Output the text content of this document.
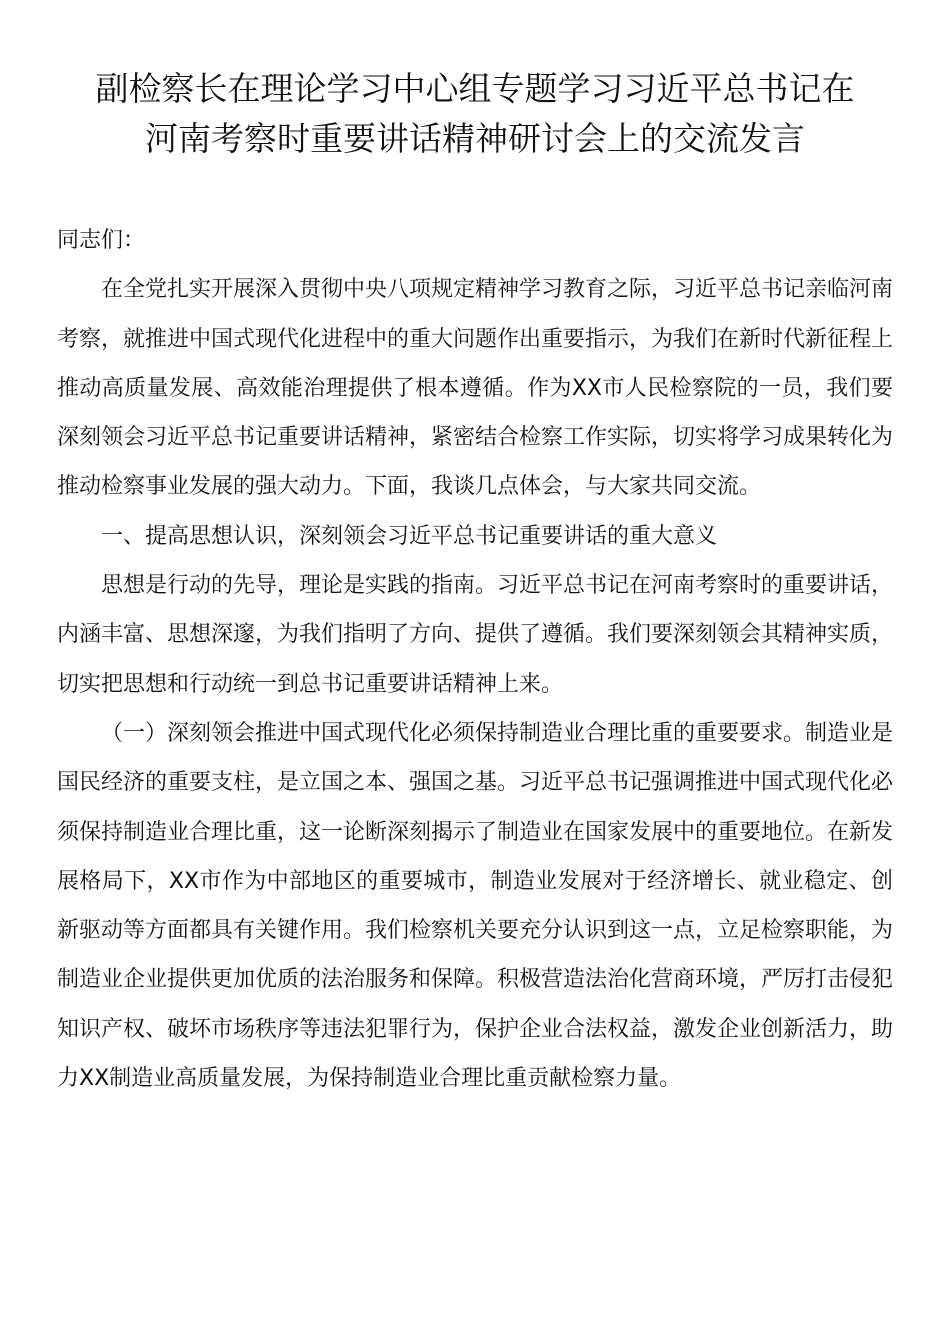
副检察长在理论学习中心组专题学习习近平总书记在
河南考察时重要讲话精神研讨会上的交流发言

同志们：

在全党扎实开展深入贯彻中央八项规定精神学习教育之际，习近平总书记亲临河南考察，就推进中国式现代化进程中的重大问题作出重要指示，为我们在新时代新征程上推动高质量发展、高效能治理提供了根本遵循。作为XX市人民检察院的一员，我们要深刻领会习近平总书记重要讲话精神，紧密结合检察工作实际，切实将学习成果转化为推动检察事业发展的强大动力。下面，我谈几点体会，与大家共同交流。

一、提高思想认识，深刻领会习近平总书记重要讲话的重大意义

思想是行动的先导，理论是实践的指南。习近平总书记在河南考察时的重要讲话，内涵丰富、思想深邃，为我们指明了方向、提供了遵循。我们要深刻领会其精神实质，切实把思想和行动统一到总书记重要讲话精神上来。

（一）深刻领会推进中国式现代化必须保持制造业合理比重的重要要求。制造业是国民经济的重要支柱，是立国之本、强国之基。习近平总书记强调推进中国式现代化必须保持制造业合理比重，这一论断深刻揭示了制造业在国家发展中的重要地位。在新发展格局下，XX市作为中部地区的重要城市，制造业发展对于经济增长、就业稳定、创新驱动等方面都具有关键作用。我们检察机关要充分认识到这一点，立足检察职能，为制造业企业提供更加优质的法治服务和保障。积极营造法治化营商环境，严厉打击侵犯知识产权、破坏市场秩序等违法犯罪行为，保护企业合法权益，激发企业创新活力，助力XX制造业高质量发展，为保持制造业合理比重贡献检察力量。
